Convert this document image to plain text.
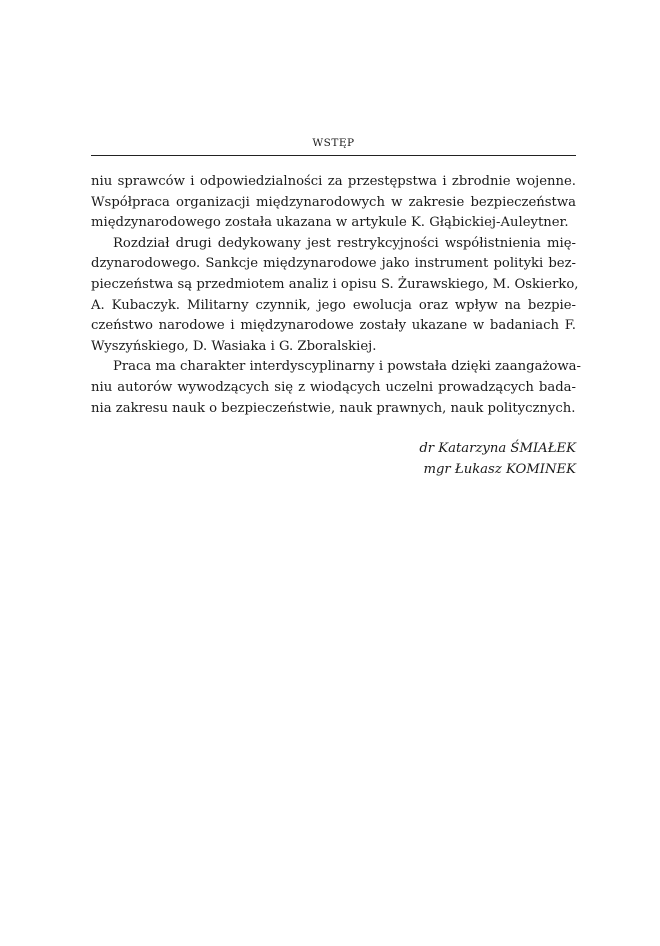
WSTĘP
niu sprawców i odpowiedzialności za przestępstwa i zbrodnie wojenne.
Współpraca organizacji międzynarodowych w zakresie bezpieczeństwa
międzynarodowego została ukazana w artykule K. Głąbickiej-Auleytner.
Rozdział drugi dedykowany jest restrykcyjności współistnienia mię-
dzynarodowego. Sankcje międzynarodowe jako instrument polityki bez-
pieczeństwa są przedmiotem analiz i opisu S. Żurawskiego, M. Oskierko,
A. Kubaczyk. Militarny czynnik, jego ewolucja oraz wpływ na bezpie-
czeństwo narodowe i międzynarodowe zostały ukazane w badaniach F.
Wyszyńskiego, D. Wasiaka i G. Zboralskiej.
Praca ma charakter interdyscyplinarny i powstała dzięki zaangażowa-
niu autorów wywodzących się z wiodących uczelni prowadzących bada-
nia zakresu nauk o bezpieczeństwie, nauk prawnych, nauk politycznych.
dr Katarzyna ŚMIAŁEK
mgr Łukasz KOMINEK
